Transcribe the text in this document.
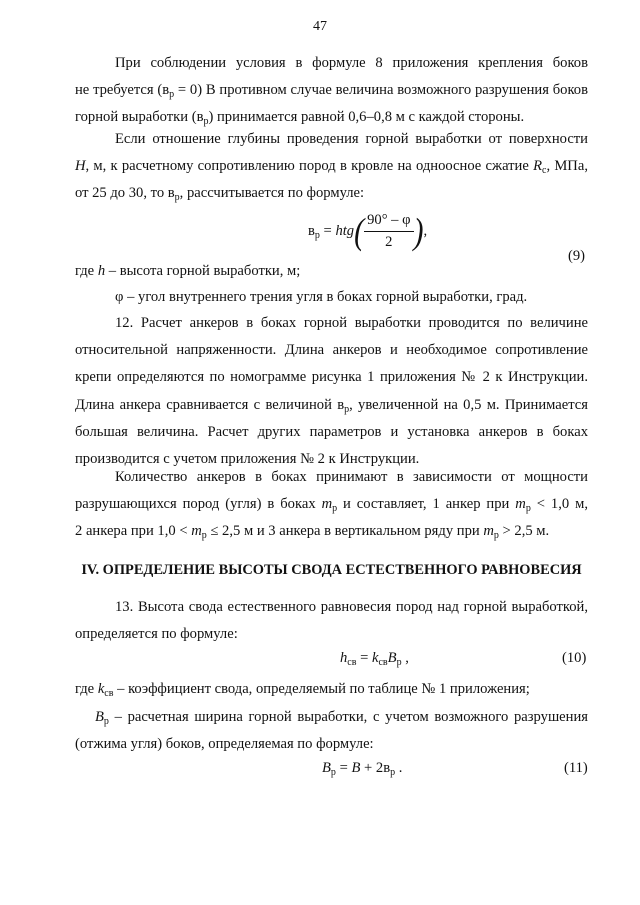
47
При соблюдении условия в формуле 8 приложения крепления боков
не требуется $(в_р = 0)$ В противном случае величина возможного разрушения боков
горной выработки $(в_р)$ принимается равной 0,6–0,8 м с каждой стороны.
Если отношение глубины проведения горной выработки от поверхности
H, м, к расчетному сопротивлению пород в кровле на одноосное сжатие $R_c$, МПа,
от 25 до 30, то $в_р$, рассчитывается по формуле:
$в_р = htg( \frac{90^\circ - \varphi}{2}$ ),
(9)
где h – высота горной выработки, м;
φ – угол внутреннего трения угля в боках горной выработки, град.
12. Расчет анкеров в боках горной выработки проводится по величине
относительной напряженности. Длина анкеров и необходимое сопротивление
крепи определяются по номограмме рисунка 1 приложения № 2 к Инструкции.
Длина анкера сравнивается с величиной $в_р$, увеличенной на 0,5 м. Принимается
большая величина. Расчет других параметров и установка анкеров в боках
производится с учетом приложения № 2 к Инструкции.
Количество анкеров в боках принимают в зависимости от мощности
разрушающихся пород (угля) в боках $m_р$ и составляет, 1 анкер при $m_р < 1,0$ м,
2 анкера при $1,0 < m_р \le 2,5$ м и 3 анкера в вертикальном ряду при $m_р > 2,5$ м.
IV. ОПРЕДЕЛЕНИЕ ВЫСОТЫ СВОДА ЕСТЕСТВЕННОГО РАВНОВЕСИЯ
13. Высота свода естественного равновесия пород над горной выработкой,
определяется по формуле:
$h_{св} = k_{св}B_р$ ,	(10)
где $k_{св}$ – коэффициент свода, определяемый по таблице № 1 приложения;
$B_р$ – расчетная ширина горной выработки, с учетом возможного разрушения
(отжима угля) боков, определяемая по формуле:
$B_р = B + 2в_р$ .	(11)
